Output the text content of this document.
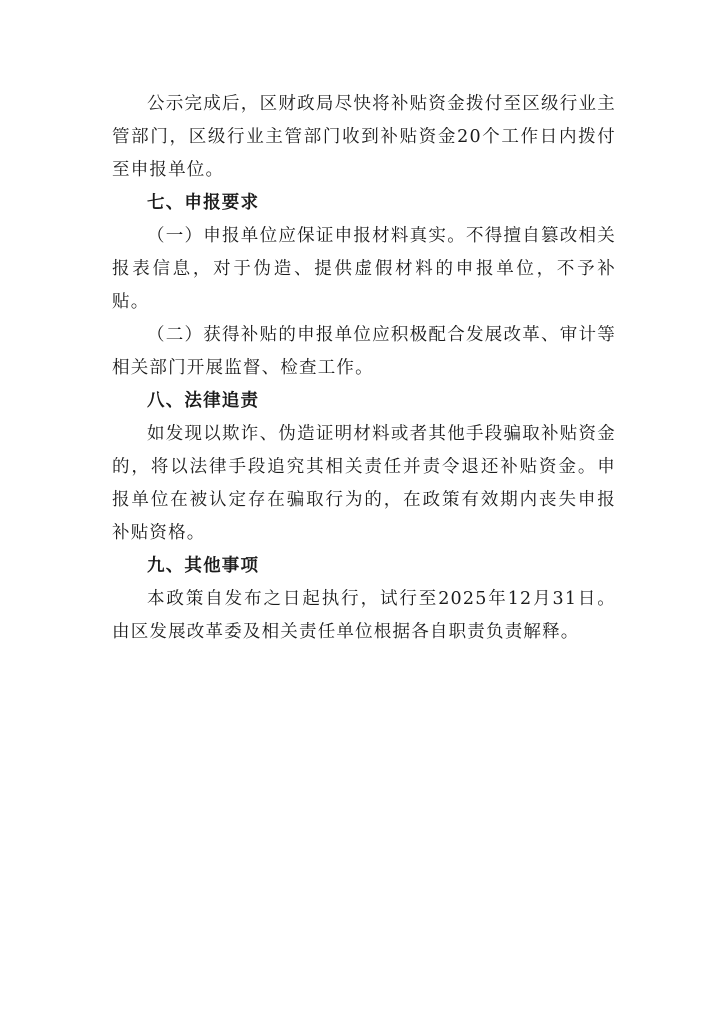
公示完成后，区财政局尽快将补贴资金拨付至区级行业主管部门，区级行业主管部门收到补贴资金20个工作日内拨付至申报单位。

七、申报要求

（一）申报单位应保证申报材料真实。不得擅自篡改相关报表信息，对于伪造、提供虚假材料的申报单位，不予补贴。

（二）获得补贴的申报单位应积极配合发展改革、审计等相关部门开展监督、检查工作。

八、法律追责

如发现以欺诈、伪造证明材料或者其他手段骗取补贴资金的，将以法律手段追究其相关责任并责令退还补贴资金。申报单位在被认定存在骗取行为的，在政策有效期内丧失申报补贴资格。

九、其他事项

本政策自发布之日起执行，试行至2025年12月31日。由区发展改革委及相关责任单位根据各自职责负责解释。
